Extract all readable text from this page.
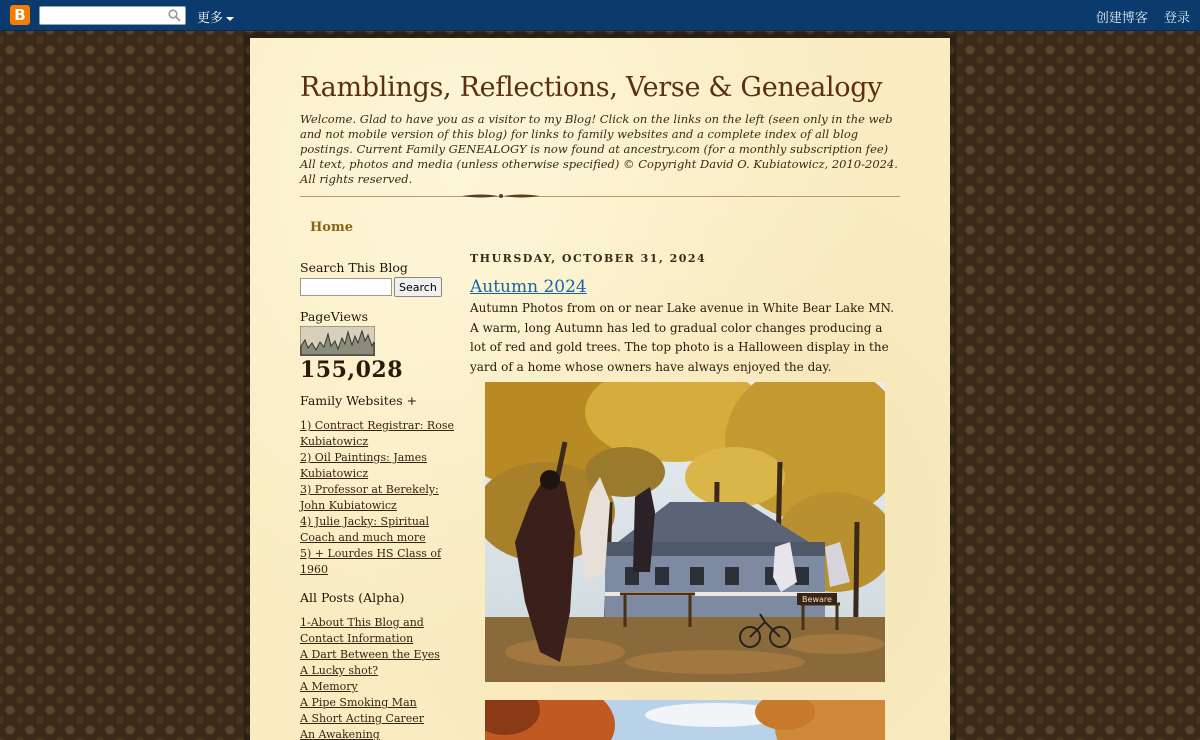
B	更多	创建博客 登录
Ramblings, Reflections, Verse & Genealogy

Welcome. Glad to have you as a visitor to my Blog! Click on the links on the left (seen only in the web and not mobile version of this blog) for links to family websites and a complete index of all blog postings. Current Family GENEALOGY is now found at ancestry.com (for a monthly subscription fee) All text, photos and media (unless otherwise specified) © Copyright David O. Kubiatowicz, 2010-2024. All rights reserved.

Home
Search This Blog
Search
PageViews
155,028
Family Websites +
1) Contract Registrar: Rose Kubiatowicz
2) Oil Paintings: James Kubiatowicz
3) Professor at Berekely: John Kubiatowicz
4) Julie Jacky: Spiritual Coach and much more
5) + Lourdes HS Class of 1960
All Posts (Alpha)
1-About This Blog and Contact Information
A Dart Between the Eyes
A Lucky shot?
A Memory
A Pipe Smoking Man
A Short Acting Career
An Awakening
THURSDAY, OCTOBER 31, 2024
Autumn 2024

Autumn Photos from on or near Lake avenue in White Bear Lake MN. A warm, long Autumn has led to gradual color changes producing a lot of red and gold trees. The top photo is a Halloween display in the yard of a home whose owners have always enjoyed the day.

Beware
